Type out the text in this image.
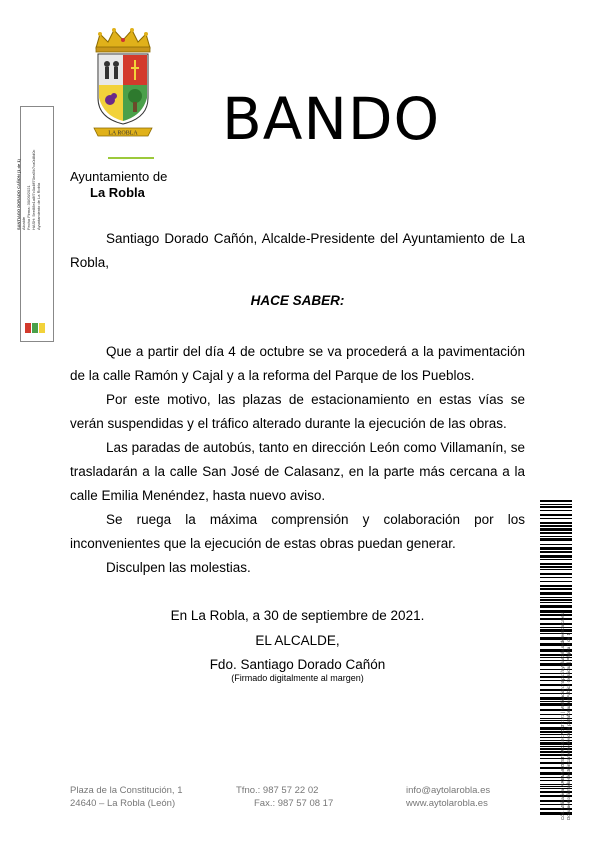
LA ROBLA BANDO
Ayuntamiento de
La Robla
SANTIAGO DORADO CAÑON (1 de 1) Alcalde Fecha Firma: 30/09/2021 HASH: 5ee88e1a8f7c0a4ff70ea5b7ca0d8d0c Ayuntamiento de La Robla
Santiago Dorado Cañón, Alcalde-Presidente del Ayuntamiento de La Robla,
HACE SABER:
Que a partir del día 4 de octubre se va procederá a la pavimentación de la calle Ramón y Cajal y a la reforma del Parque de los Pueblos.
Por este motivo, las plazas de estacionamiento en estas vías se verán suspendidas y el tráfico alterado durante la ejecución de las obras.
Las paradas de autobús, tanto en dirección León como Villamanín, se trasladarán a la calle San José de Calasanz, en la parte más cercana a la calle Emilia Menéndez, hasta nuevo aviso.
Se ruega la máxima comprensión y colaboración por los inconvenientes que la ejecución de estas obras puedan generar.
Disculpen las molestias.
En La Robla, a 30 de septiembre de 2021.
EL ALCALDE,
Fdo. Santiago Dorado Cañón
(Firmado digitalmente al margen)
Plaza de la Constitución, 1
24640 – La Robla (León)
Tfno.: 987 57 22 02
Fax.: 987 57 08 17
info@aytolarobla.es
www.aytolarobla.es	Cód. Validación: AREMN6ZESTEMDJ4EC7ZT3T1Y3 | Verificación: https://aytolarobla.sedelectronica.es/ Documento firmado electrónicamente desde la plataforma esPublico Gestiona | Página 1 de 1
